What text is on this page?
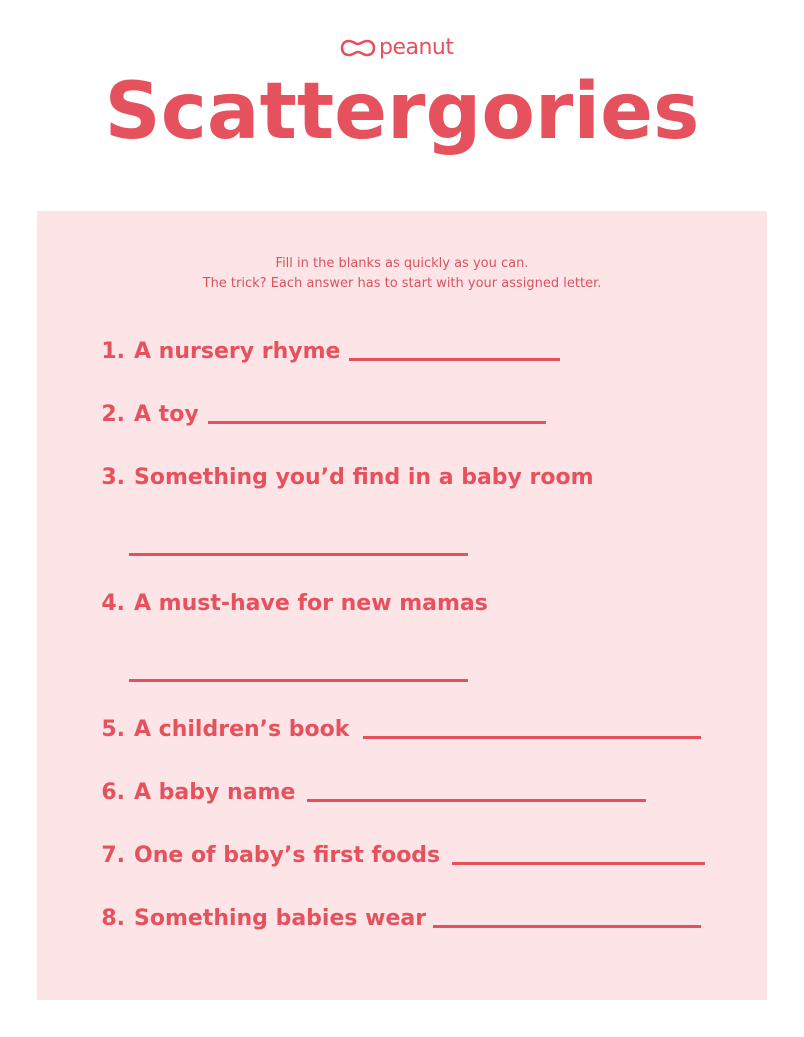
peanut
Scattergories
Fill in the blanks as quickly as you can.
The trick? Each answer has to start with your assigned letter.
1. A nursery rhyme
2. A toy
3. Something you’d find in a baby room
4. A must-have for new mamas
5. A children’s book
6. A baby name
7. One of baby’s first foods
8. Something babies wear
